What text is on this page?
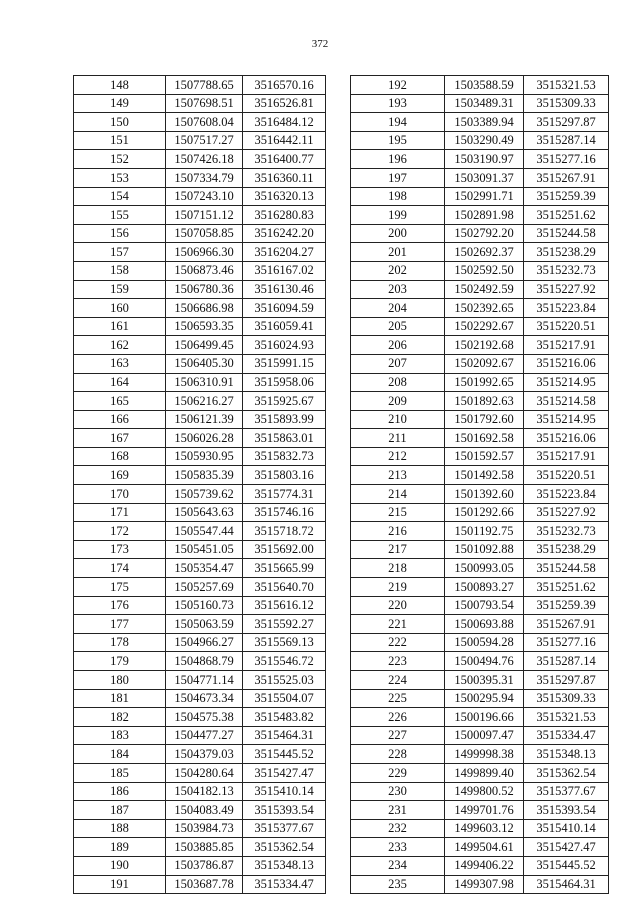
372
148	1507788.65	3516570.16
149	1507698.51	3516526.81
150	1507608.04	3516484.12
151	1507517.27	3516442.11
152	1507426.18	3516400.77
153	1507334.79	3516360.11
154	1507243.10	3516320.13
155	1507151.12	3516280.83
156	1507058.85	3516242.20
157	1506966.30	3516204.27
158	1506873.46	3516167.02
159	1506780.36	3516130.46
160	1506686.98	3516094.59
161	1506593.35	3516059.41
162	1506499.45	3516024.93
163	1506405.30	3515991.15
164	1506310.91	3515958.06
165	1506216.27	3515925.67
166	1506121.39	3515893.99
167	1506026.28	3515863.01
168	1505930.95	3515832.73
169	1505835.39	3515803.16
170	1505739.62	3515774.31
171	1505643.63	3515746.16
172	1505547.44	3515718.72
173	1505451.05	3515692.00
174	1505354.47	3515665.99
175	1505257.69	3515640.70
176	1505160.73	3515616.12
177	1505063.59	3515592.27
178	1504966.27	3515569.13
179	1504868.79	3515546.72
180	1504771.14	3515525.03
181	1504673.34	3515504.07
182	1504575.38	3515483.82
183	1504477.27	3515464.31
184	1504379.03	3515445.52
185	1504280.64	3515427.47
186	1504182.13	3515410.14
187	1504083.49	3515393.54
188	1503984.73	3515377.67
189	1503885.85	3515362.54
190	1503786.87	3515348.13
191	1503687.78	3515334.47
192	1503588.59	3515321.53
193	1503489.31	3515309.33
194	1503389.94	3515297.87
195	1503290.49	3515287.14
196	1503190.97	3515277.16
197	1503091.37	3515267.91
198	1502991.71	3515259.39
199	1502891.98	3515251.62
200	1502792.20	3515244.58
201	1502692.37	3515238.29
202	1502592.50	3515232.73
203	1502492.59	3515227.92
204	1502392.65	3515223.84
205	1502292.67	3515220.51
206	1502192.68	3515217.91
207	1502092.67	3515216.06
208	1501992.65	3515214.95
209	1501892.63	3515214.58
210	1501792.60	3515214.95
211	1501692.58	3515216.06
212	1501592.57	3515217.91
213	1501492.58	3515220.51
214	1501392.60	3515223.84
215	1501292.66	3515227.92
216	1501192.75	3515232.73
217	1501092.88	3515238.29
218	1500993.05	3515244.58
219	1500893.27	3515251.62
220	1500793.54	3515259.39
221	1500693.88	3515267.91
222	1500594.28	3515277.16
223	1500494.76	3515287.14
224	1500395.31	3515297.87
225	1500295.94	3515309.33
226	1500196.66	3515321.53
227	1500097.47	3515334.47
228	1499998.38	3515348.13
229	1499899.40	3515362.54
230	1499800.52	3515377.67
231	1499701.76	3515393.54
232	1499603.12	3515410.14
233	1499504.61	3515427.47
234	1499406.22	3515445.52
235	1499307.98	3515464.31
